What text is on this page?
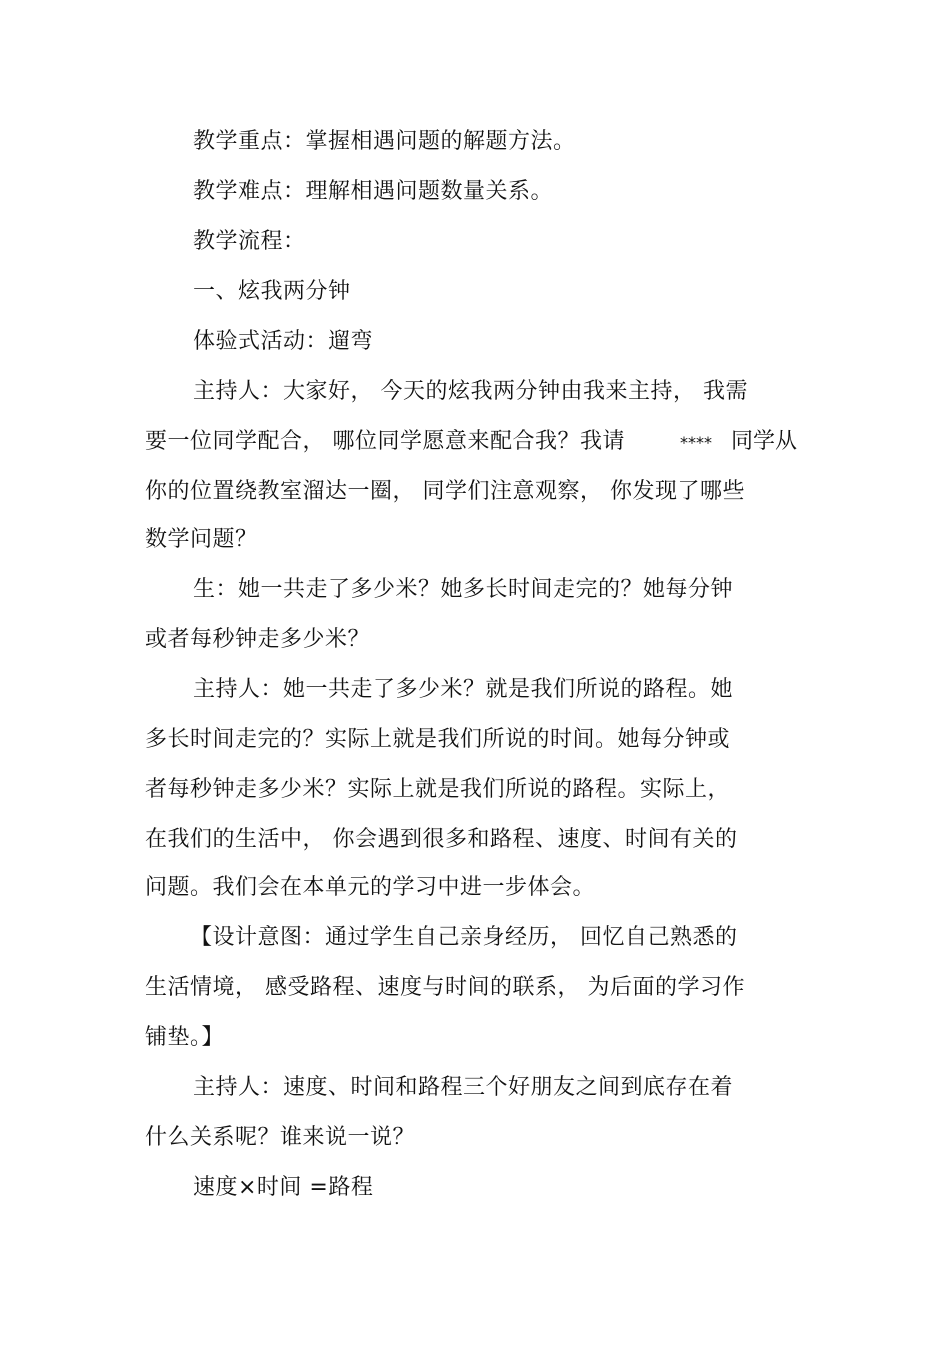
教学重点：掌握相遇问题的解题方法。
教学难点：理解相遇问题数量关系。
教学流程：
一、炫我两分钟
体验式活动：遛弯
主持人：大家好， 今天的炫我两分钟由我来主持， 我需
要一位同学配合， 哪位同学愿意来配合我？我请	**** 同学从
你的位置绕教室溜达一圈， 同学们注意观察， 你发现了哪些
数学问题？
生：她一共走了多少米？她多长时间走完的？她每分钟
或者每秒钟走多少米？
主持人：她一共走了多少米？就是我们所说的路程。她
多长时间走完的？实际上就是我们所说的时间。她每分钟或
者每秒钟走多少米？实际上就是我们所说的路程。实际上，
在我们的生活中， 你会遇到很多和路程、速度、时间有关的
问题。我们会在本单元的学习中进一步体会。
【设计意图：通过学生自己亲身经历， 回忆自己熟悉的
生活情境， 感受路程、速度与时间的联系， 为后面的学习作
铺垫。】
主持人：速度、时间和路程三个好朋友之间到底存在着
什么关系呢？谁来说一说？
速度×时间 =路程
